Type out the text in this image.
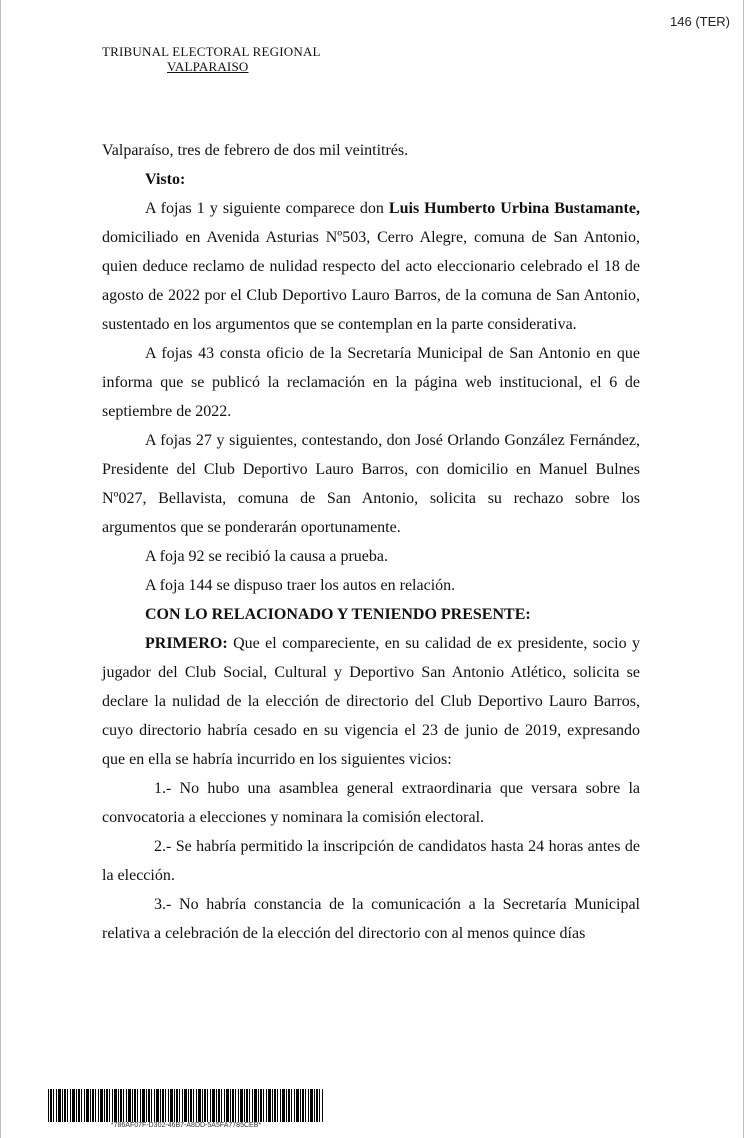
146 (TER)
TRIBUNAL ELECTORAL REGIONAL
VALPARAISO

Valparaíso, tres de febrero de dos mil veintitrés.

Visto:

A fojas 1 y siguiente comparece don Luis Humberto Urbina Bustamante, domiciliado en Avenida Asturias Nº503, Cerro Alegre, comuna de San Antonio, quien deduce reclamo de nulidad respecto del acto eleccionario celebrado el 18 de agosto de 2022 por el Club Deportivo Lauro Barros, de la comuna de San Antonio, sustentado en los argumentos que se contemplan en la parte considerativa.

A fojas 43 consta oficio de la Secretaría Municipal de San Antonio en que informa que se publicó la reclamación en la página web institucional, el 6 de septiembre de 2022.

A fojas 27 y siguientes, contestando, don José Orlando González Fernández, Presidente del Club Deportivo Lauro Barros, con domicilio en Manuel Bulnes Nº027, Bellavista, comuna de San Antonio, solicita su rechazo sobre los argumentos que se ponderarán oportunamente.

A foja 92 se recibió la causa a prueba.

A foja 144 se dispuso traer los autos en relación.

CON LO RELACIONADO Y TENIENDO PRESENTE:

PRIMERO: Que el compareciente, en su calidad de ex presidente, socio y jugador del Club Social, Cultural y Deportivo San Antonio Atlético, solicita se declare la nulidad de la elección de directorio del Club Deportivo Lauro Barros, cuyo directorio habría cesado en su vigencia el 23 de junio de 2019, expresando que en ella se habría incurrido en los siguientes vicios:

1.- No hubo una asamblea general extraordinaria que versara sobre la convocatoria a elecciones y nominara la comisión electoral.

2.- Se habría permitido la inscripción de candidatos hasta 24 horas antes de la elección.

3.- No habría constancia de la comunicación a la Secretaría Municipal relativa a celebración de la elección del directorio con al menos quince días

*786AF07F-D302-46B7-A8DD-5A5FA7785CEB*
